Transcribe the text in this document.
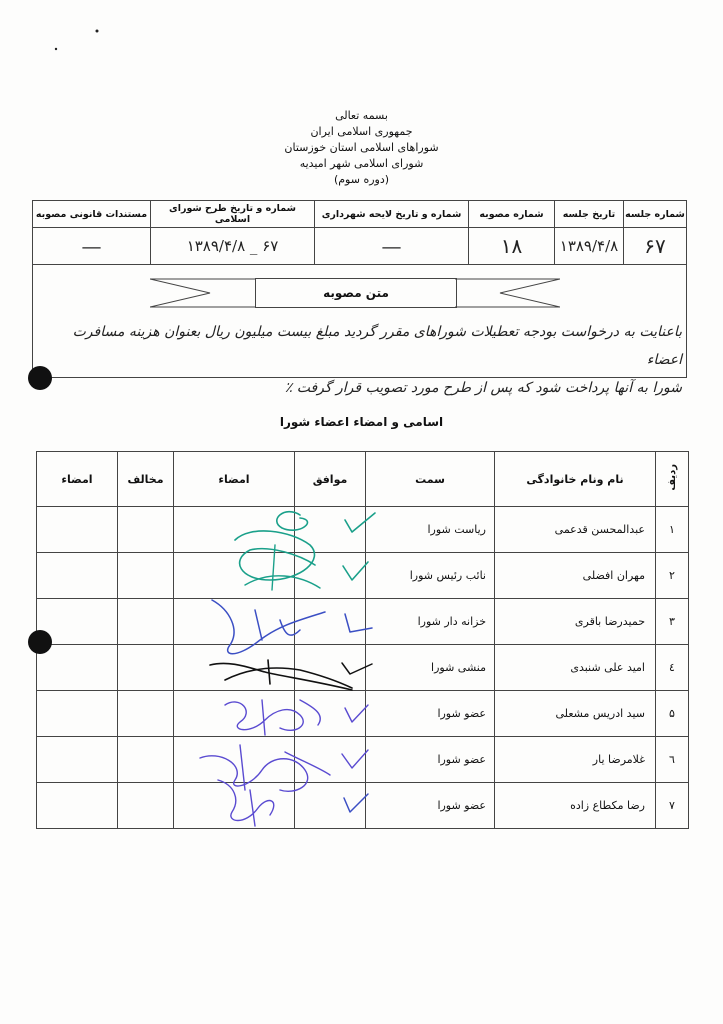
بسمه تعالی
جمهوری اسلامی ایران
شوراهای اسلامی استان خوزستان
شورای اسلامی شهر امیدیه
(دوره سوم)
شماره جلسه	تاریخ جلسه	شماره مصوبه	شماره و تاریخ لایحه شهرداری	شماره و تاریخ طرح شورای اسلامی	مستندات قانونی مصوبه
۶۷	۱۳۸۹/۴/۸	۱۸	—	۶۷ _ ۱۳۸۹/۴/۸	—
متن مصوبه
باعنایت به درخواست بودجه تعطیلات شوراهای مقرر گردید مبلغ بیست میلیون ریال بعنوان هزینه مسافرت اعضاء
شورا به آنها پرداخت شود که پس از طرح مورد تصویب قرار گرفت ٪
اسامی و امضاء اعضاء شورا
ردیف	نام ونام خانوادگی	سمت	موافق	امضاء	مخالف	امضاء
۱	عبدالمحسن قدعمی	ریاست شورا				
۲	مهران افضلی	نائب رئیس شورا				
۳	حمیدرضا باقری	خزانه دار شورا				
٤	امید علی شنبدی	منشی شورا				
۵	سید ادریس مشعلی	عضو شورا				
٦	غلامرضا یار	عضو شورا				
۷	رضا مکطاع زاده	عضو شورا				
